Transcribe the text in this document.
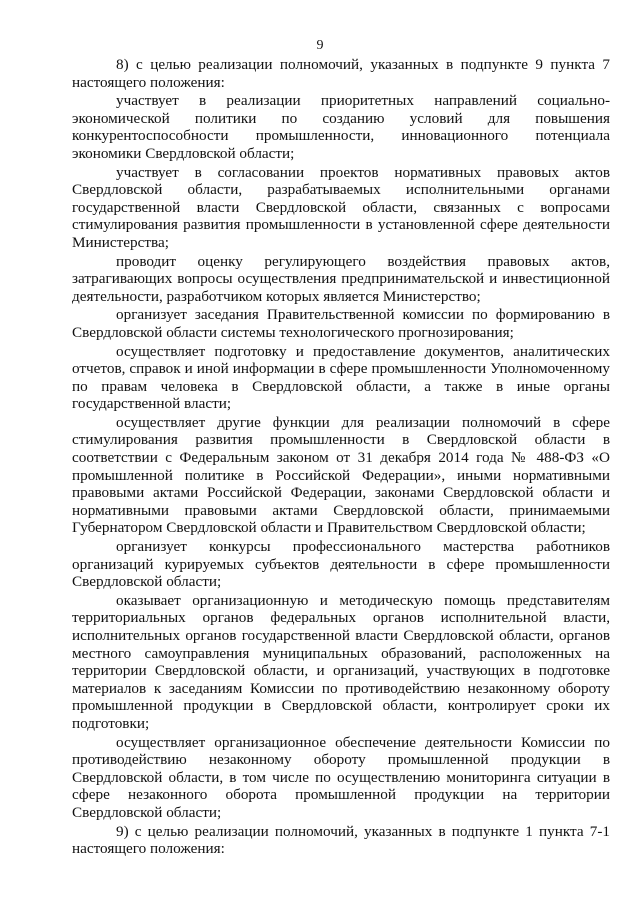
9

8) с целью реализации полномочий, указанных в подпункте 9 пункта 7 настоящего положения:

участвует в реализации приоритетных направлений социально-экономической политики по созданию условий для повышения конкурентоспособности промышленности, инновационного потенциала экономики Свердловской области;

участвует в согласовании проектов нормативных правовых актов Свердловской области, разрабатываемых исполнительными органами государственной власти Свердловской области, связанных с вопросами стимулирования развития промышленности в установленной сфере деятельности Министерства;

проводит оценку регулирующего воздействия правовых актов, затрагивающих вопросы осуществления предпринимательской и инвестиционной деятельности, разработчиком которых является Министерство;

организует заседания Правительственной комиссии по формированию в Свердловской области системы технологического прогнозирования;

осуществляет подготовку и предоставление документов, аналитических отчетов, справок и иной информации в сфере промышленности Уполномоченному по правам человека в Свердловской области, а также в иные органы государственной власти;

осуществляет другие функции для реализации полномочий в сфере стимулирования развития промышленности в Свердловской области в соответствии с Федеральным законом от 31 декабря 2014 года № 488-ФЗ «О промышленной политике в Российской Федерации», иными нормативными правовыми актами Российской Федерации, законами Свердловской области и нормативными правовыми актами Свердловской области, принимаемыми Губернатором Свердловской области и Правительством Свердловской области;

организует конкурсы профессионального мастерства работников организаций курируемых субъектов деятельности в сфере промышленности Свердловской области;

оказывает организационную и методическую помощь представителям территориальных органов федеральных органов исполнительной власти, исполнительных органов государственной власти Свердловской области, органов местного самоуправления муниципальных образований, расположенных на территории Свердловской области, и организаций, участвующих в подготовке материалов к заседаниям Комиссии по противодействию незаконному обороту промышленной продукции в Свердловской области, контролирует сроки их подготовки;

осуществляет организационное обеспечение деятельности Комиссии по противодействию незаконному обороту промышленной продукции в Свердловской области, в том числе по осуществлению мониторинга ситуации в сфере незаконного оборота промышленной продукции на территории Свердловской области;

9) с целью реализации полномочий, указанных в подпункте 1 пункта 7-1 настоящего положения:
